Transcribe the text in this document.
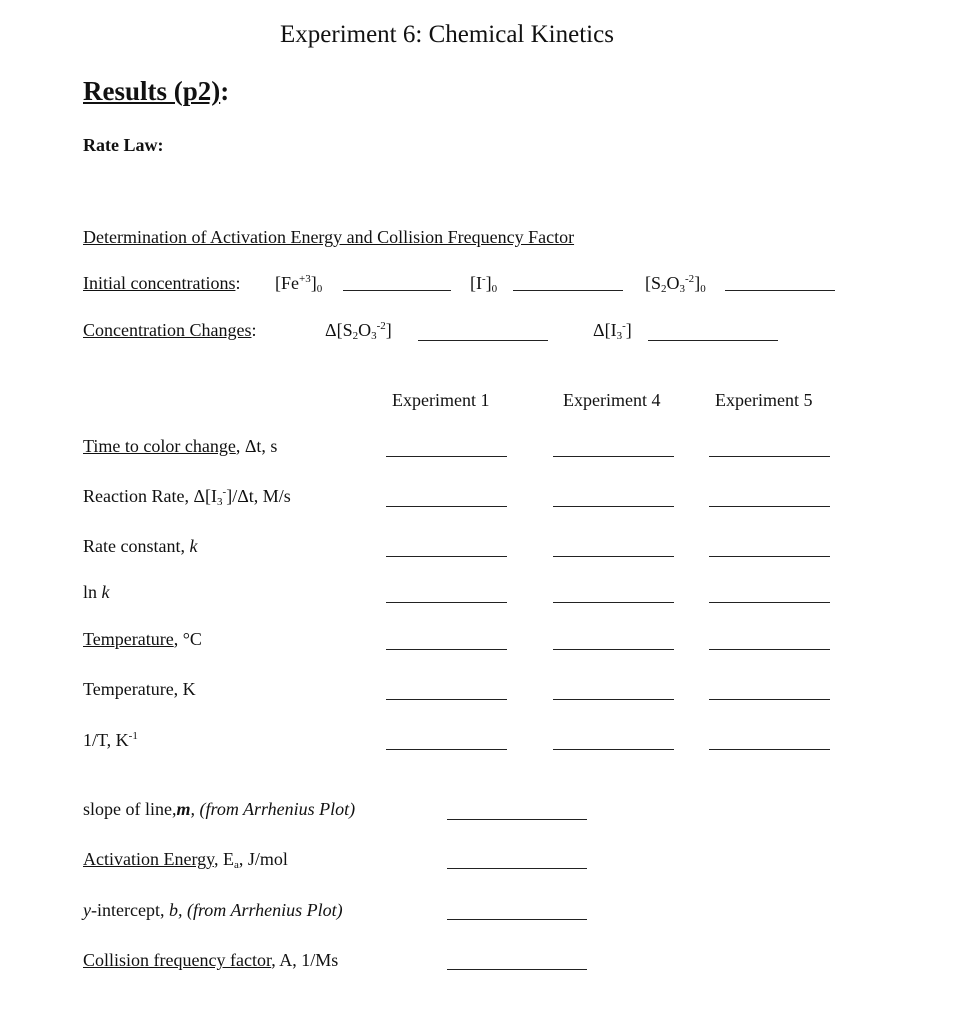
Experiment 6: Chemical Kinetics
Results (p2):
Rate Law:
Determination of Activation Energy and Collision Frequency Factor
Initial concentrations: $[Fe^{+3}]_0$	$[I^-]_0$	$[S_2O_3^{-2}]_0$
Concentration Changes:	$\Delta[S_2O_3^{-2}]$	$\Delta[I_3^-]$
Experiment 1	Experiment 4	Experiment 5
Time to color change, Δt, s
Reaction Rate, $\Delta[I_3^-]/\Delta t$, M/s
Rate constant, k
ln k
Temperature, °C
Temperature, K
1/T, $K^{-1}$
slope of line,m, (from Arrhenius Plot)
Activation Energy, $E_a$, J/mol
y-intercept, b, (from Arrhenius Plot)
Collision frequency factor, A, 1/Ms
